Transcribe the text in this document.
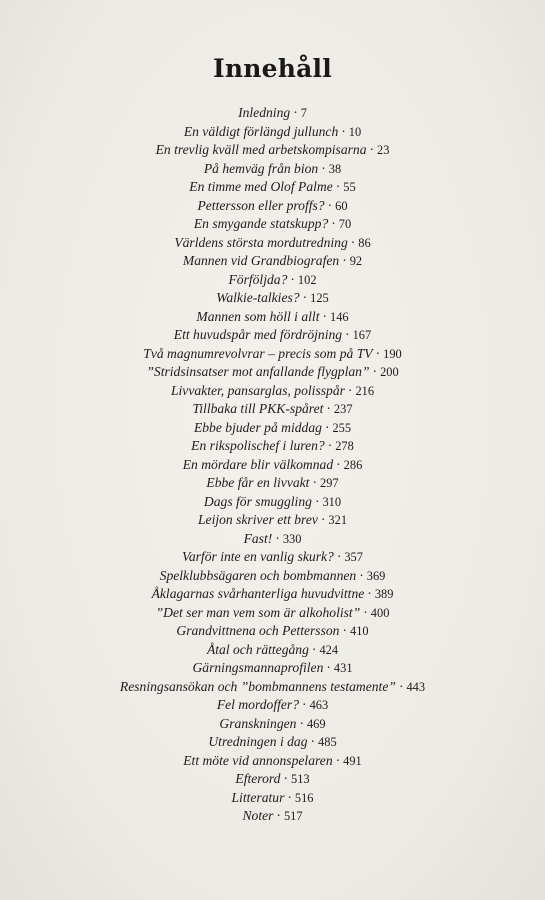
Innehåll
Inledning · 7
En väldigt förlängd jullunch · 10
En trevlig kväll med arbetskompisarna · 23
På hemväg från bion · 38
En timme med Olof Palme · 55
Pettersson eller proffs? · 60
En smygande statskupp? · 70
Världens största mordutredning · 86
Mannen vid Grandbiografen · 92
Förföljda? · 102
Walkie-talkies? · 125
Mannen som höll i allt · 146
Ett huvudspår med fördröjning · 167
Två magnumrevolvrar – precis som på TV · 190
”Stridsinsatser mot anfallande flygplan” · 200
Livvakter, pansarglas, polisspår · 216
Tillbaka till PKK-spåret · 237
Ebbe bjuder på middag · 255
En rikspolischef i luren? · 278
En mördare blir välkomnad · 286
Ebbe får en livvakt · 297
Dags för smuggling · 310
Leijon skriver ett brev · 321
Fast! · 330
Varför inte en vanlig skurk? · 357
Spelklubbsägaren och bombmannen · 369
Åklagarnas svårhanterliga huvudvittne · 389
”Det ser man vem som är alkoholist” · 400
Grandvittnena och Pettersson · 410
Åtal och rättegång · 424
Gärningsmannaprofilen · 431
Resningsansökan och ”bombmannens testamente” · 443
Fel mordoffer? · 463
Granskningen · 469
Utredningen i dag · 485
Ett möte vid annonspelaren · 491
Efterord · 513
Litteratur · 516
Noter · 517
